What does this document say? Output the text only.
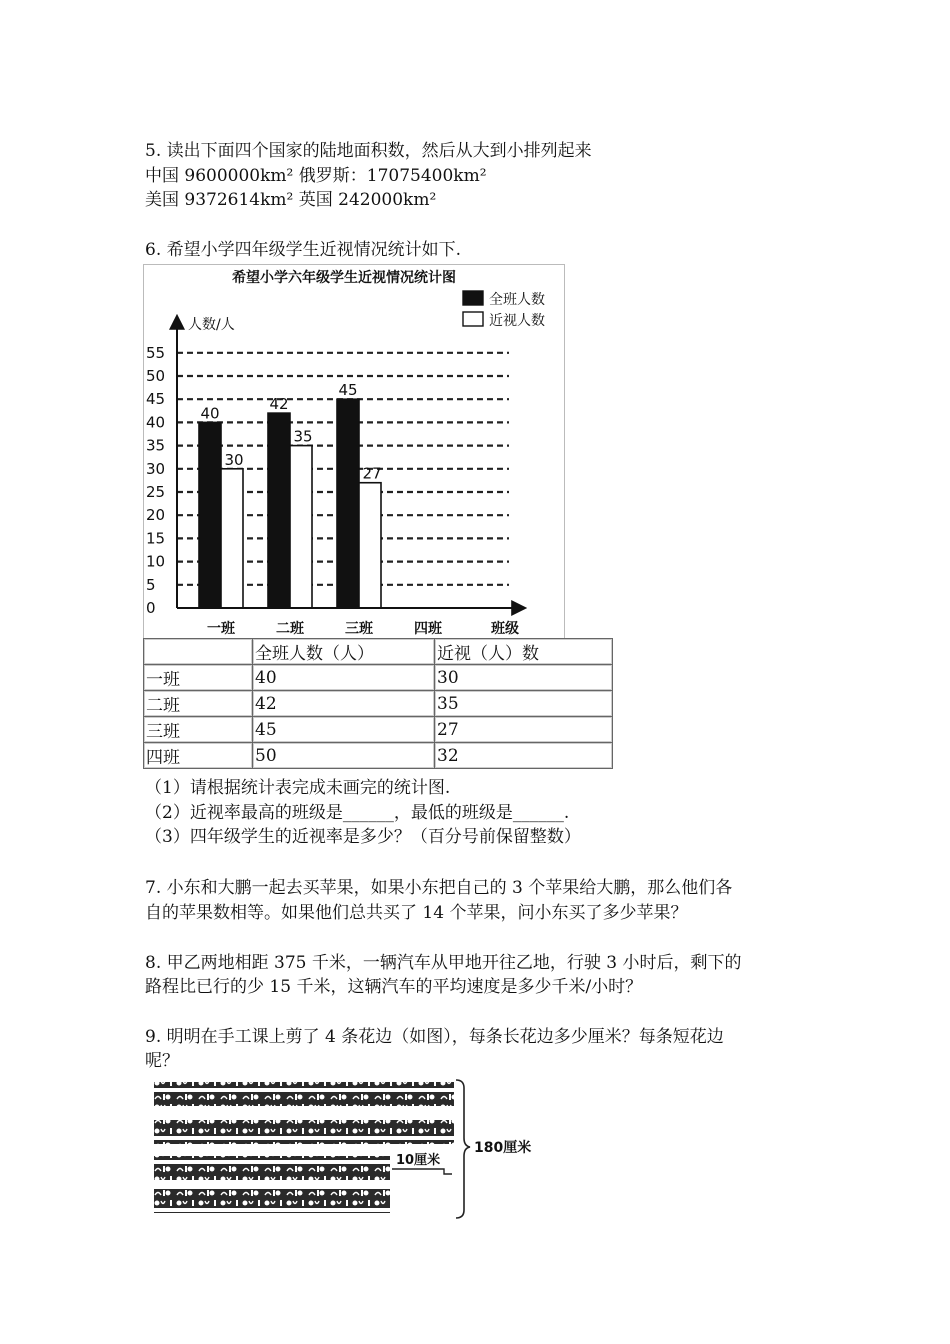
5. 读出下面四个国家的陆地面积数，然后从大到小排列起来
中国 9600000km² 俄罗斯：17075400km²
美国 9372614km² 英国 242000km²
6. 希望小学四年级学生近视情况统计如下.
希望小学六年级学生近视情况统计图
全班人数
近视人数
人数/人
40
30
42
35
45
27
0
5
10
15
20
25
30
35
40
45
50
55
一班	二班	三班	四班	班级
	全班人数（人）	近视（人）数
一班	40	30
二班	42	35
三班	45	27
四班	50	32
（1）请根据统计表完成未画完的统计图.
（2）近视率最高的班级是______，最低的班级是______.
（3）四年级学生的近视率是多少？（百分号前保留整数）
7. 小东和大鹏一起去买苹果，如果小东把自己的 3 个苹果给大鹏，那么他们各
自的苹果数相等。如果他们总共买了 14 个苹果，问小东买了多少苹果？
8. 甲乙两地相距 375 千米，一辆汽车从甲地开往乙地，行驶 3 小时后，剩下的
路程比已行的少 15 千米，这辆汽车的平均速度是多少千米/小时？
9. 明明在手工课上剪了 4 条花边（如图），每条长花边多少厘米？每条短花边
呢？
180厘米
10厘米
